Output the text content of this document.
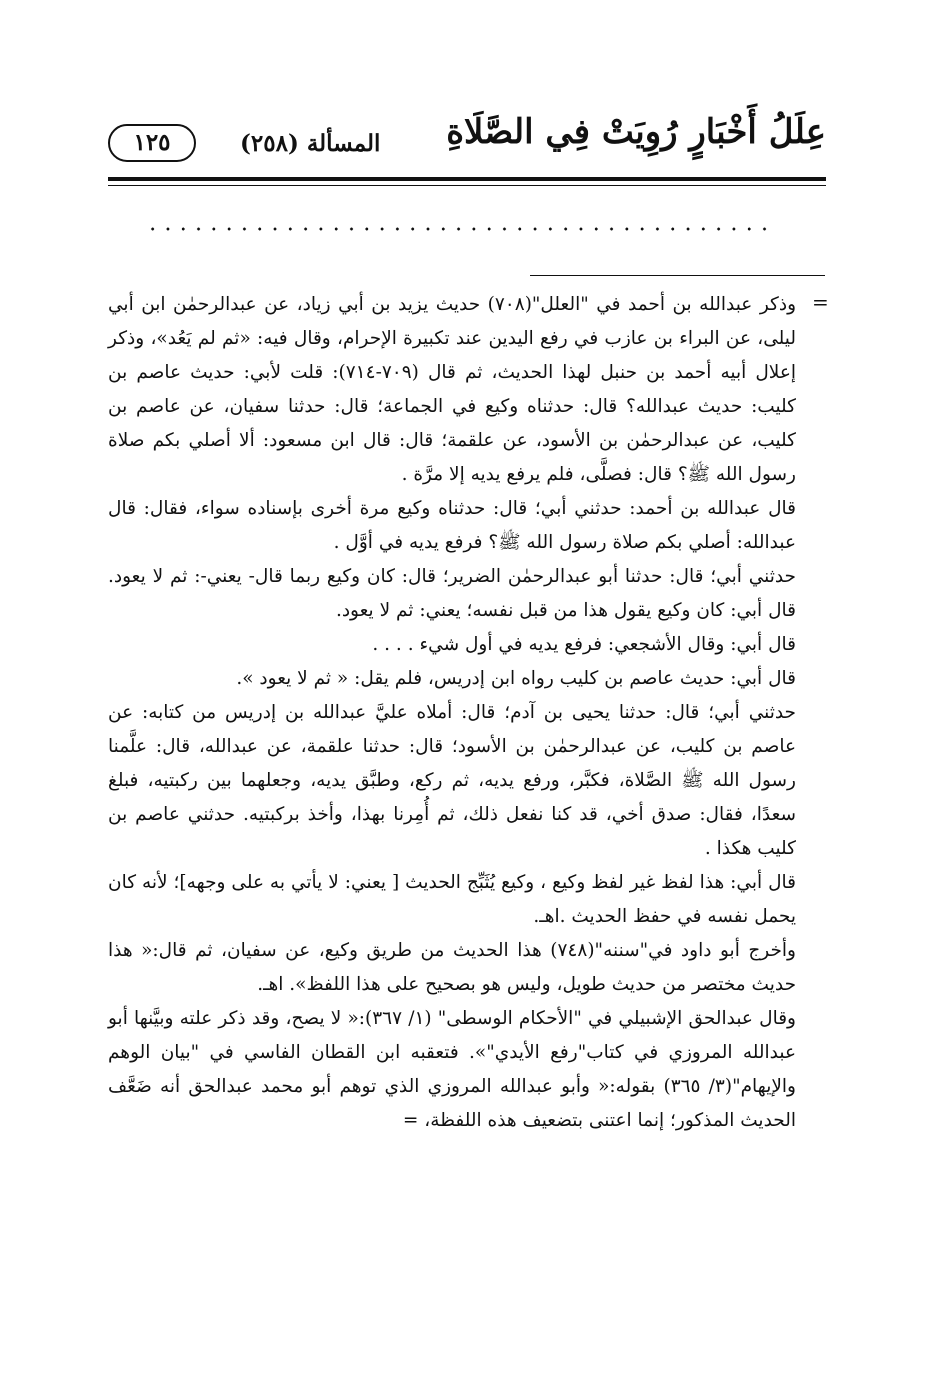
عِلَلُ أَخْبَارٍ رُوِيَتْ فِي الصَّلَاةِ
المسألة (٢٥٨)
١٢٥
=

وذكر عبدالله بن أحمد في "العلل"(٧٠٨) حديث يزيد بن أبي زياد، عن عبدالرحمٰن ابن أبي ليلى، عن البراء بن عازب في رفع اليدين عند تكبيرة الإحرام، وقال فيه: «ثم لم يَعُد»، وذكر إعلال أبيه أحمد بن حنبل لهذا الحديث، ثم قال (٧٠٩-٧١٤): قلت لأبي: حديث عاصم بن كليب: حديث عبدالله؟ قال: حدثناه وكيع في الجماعة؛ قال: حدثنا سفيان، عن عاصم بن كليب، عن عبدالرحمٰن بن الأسود، عن علقمة؛ قال: قال ابن مسعود: ألا أصلي بكم صلاة رسول الله ﷺ؟ قال: فصلَّى، فلم يرفع يديه إلا مرَّة .

قال عبدالله بن أحمد: حدثني أبي؛ قال: حدثناه وكيع مرة أخرى بإسناده سواء، فقال: قال عبدالله: أصلي بكم صلاة رسول الله ﷺ؟ فرفع يديه في أوَّل .

حدثني أبي؛ قال: حدثنا أبو عبدالرحمٰن الضرير؛ قال: كان وكيع ربما قال- يعني-: ثم لا يعود. قال أبي: كان وكيع يقول هذا من قبل نفسه؛ يعني: ثم لا يعود.

قال أبي: وقال الأشجعي: فرفع يديه في أول شيء . . . .

قال أبي: حديث عاصم بن كليب رواه ابن إدريس، فلم يقل: « ثم لا يعود ».

حدثني أبي؛ قال: حدثنا يحيى بن آدم؛ قال: أملاه عليَّ عبدالله بن إدريس من كتابه: عن عاصم بن كليب، عن عبدالرحمٰن بن الأسود؛ قال: حدثنا علقمة، عن عبدالله، قال: علَّمنا رسول الله ﷺ الصَّلاة، فكبَّر، ورفع يديه، ثم ركع، وطبَّق يديه، وجعلهما بين ركبتيه، فبلغ سعدًا، فقال: صدق أخي، قد كنا نفعل ذلك، ثم أُمِرنا بهذا، وأخذ بركبتيه. حدثني عاصم بن كليب هكذا .

قال أبي: هذا لفظ غير لفظ وكيع ، وكيع يُثَبِّج الحديث [ يعني: لا يأتي به على وجهه]؛ لأنه كان يحمل نفسه في حفظ الحديث .اهـ.

وأخرج أبو داود في"سننه"(٧٤٨) هذا الحديث من طريق وكيع، عن سفيان، ثم قال:« هذا حديث مختصر من حديث طويل، وليس هو بصحيح على هذا اللفظ». اهـ.

وقال عبدالحق الإشبيلي في "الأحكام الوسطى" (١/ ٣٦٧):« لا يصح، وقد ذكر علته وبيَّنها أبو عبدالله المروزي في كتاب"رفع الأيدي"». فتعقبه ابن القطان الفاسي في "بيان الوهم والإيهام"(٣/ ٣٦٥) بقوله:« وأبو عبدالله المروزي الذي توهم أبو محمد عبدالحق أنه ضَعَّف الحديث المذكور؛ إنما اعتنى بتضعيف هذه اللفظة، =
